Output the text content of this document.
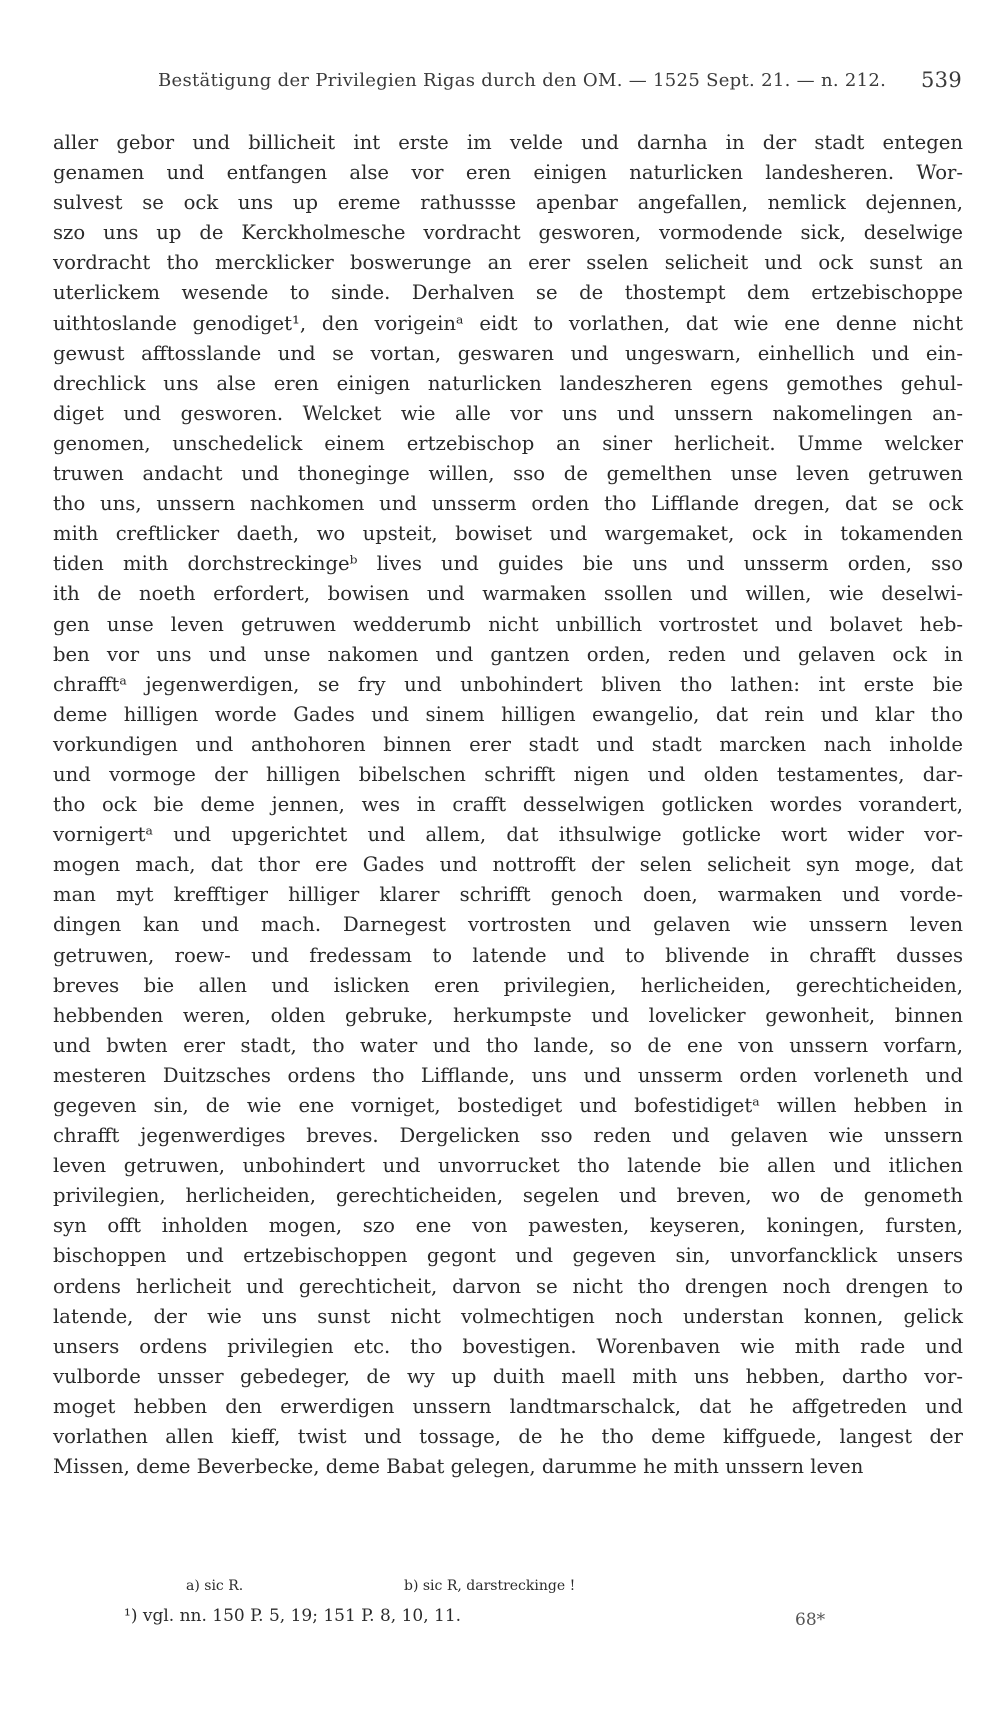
Bestätigung der Privilegien Rigas durch den OM. — 1525 Sept. 21. — n. 212. 539
aller gebor und billicheit int erste im velde und darnha in der stadt entegen
genamen und entfangen alse vor eren einigen naturlicken landesheren. Wor-
sulvest se ock uns up ereme rathussse apenbar angefallen, nemlick dejennen,
szo uns up de Kerckholmesche vordracht gesworen, vormodende sick, deselwige
vordracht tho mercklicker boswerunge an erer sselen selicheit und ock sunst an
uterlickem wesende to sinde. Derhalven se de thostempt dem ertzebischoppe
uithtoslande genodiget¹, den vorigeinᵃ eidt to vorlathen, dat wie ene denne nicht
gewust afftosslande und se vortan, geswaren und ungeswarn, einhellich und ein-
drechlick uns alse eren einigen naturlicken landeszheren egens gemothes gehul-
diget und gesworen. Welcket wie alle vor uns und unssern nakomelingen an-
genomen, unschedelick einem ertzebischop an siner herlicheit. Umme welcker
truwen andacht und thoneginge willen, sso de gemelthen unse leven getruwen
tho uns, unssern nachkomen und unsserm orden tho Lifflande dregen, dat se ock
mith creftlicker daeth, wo upsteit, bowiset und wargemaket, ock in tokamenden
tiden mith dorchstreckingeᵇ lives und guides bie uns und unsserm orden, sso
ith de noeth erfordert, bowisen und warmaken ssollen und willen, wie deselwi-
gen unse leven getruwen wedderumb nicht unbillich vortrostet und bolavet heb-
ben vor uns und unse nakomen und gantzen orden, reden und gelaven ock in
chrafftᵃ jegenwerdigen, se fry und unbohindert bliven tho lathen: int erste bie
deme hilligen worde Gades und sinem hilligen ewangelio, dat rein und klar tho
vorkundigen und anthohoren binnen erer stadt und stadt marcken nach inholde
und vormoge der hilligen bibelschen schrifft nigen und olden testamentes, dar-
tho ock bie deme jennen, wes in crafft desselwigen gotlicken wordes vorandert,
vornigertᵃ und upgerichtet und allem, dat ithsulwige gotlicke wort wider vor-
mogen mach, dat thor ere Gades und nottrofft der selen selicheit syn moge, dat
man myt krefftiger hilliger klarer schrifft genoch doen, warmaken und vorde-
dingen kan und mach. Darnegest vortrosten und gelaven wie unssern leven
getruwen, roew- und fredessam to latende und to blivende in chrafft dusses
breves bie allen und islicken eren privilegien, herlicheiden, gerechticheiden,
hebbenden weren, olden gebruke, herkumpste und lovelicker gewonheit, binnen
und bwten erer stadt, tho water und tho lande, so de ene von unssern vorfarn,
mesteren Duitzsches ordens tho Lifflande, uns und unsserm orden vorleneth und
gegeven sin, de wie ene vorniget, bostediget und bofestidigetᵃ willen hebben in
chrafft jegenwerdiges breves. Dergelicken sso reden und gelaven wie unssern
leven getruwen, unbohindert und unvorrucket tho latende bie allen und itlichen
privilegien, herlicheiden, gerechticheiden, segelen und breven, wo de genometh
syn offt inholden mogen, szo ene von pawesten, keyseren, koningen, fursten,
bischoppen und ertzebischoppen gegont und gegeven sin, unvorfancklick unsers
ordens herlicheit und gerechticheit, darvon se nicht tho drengen noch drengen to
latende, der wie uns sunst nicht volmechtigen noch understan konnen, gelick
unsers ordens privilegien etc. tho bovestigen. Worenbaven wie mith rade und
vulborde unsser gebedeger, de wy up duith maell mith uns hebben, dartho vor-
moget hebben den erwerdigen unssern landtmarschalck, dat he affgetreden und
vorlathen allen kieff, twist und tossage, de he tho deme kiffguede, langest der
Missen, deme Beverbecke, deme Babat gelegen, darumme he mith unssern leven
a) sic R.	b) sic R, darstreckinge !
¹) vgl. nn. 150 P. 5, 19; 151 P. 8, 10, 11.	68*
